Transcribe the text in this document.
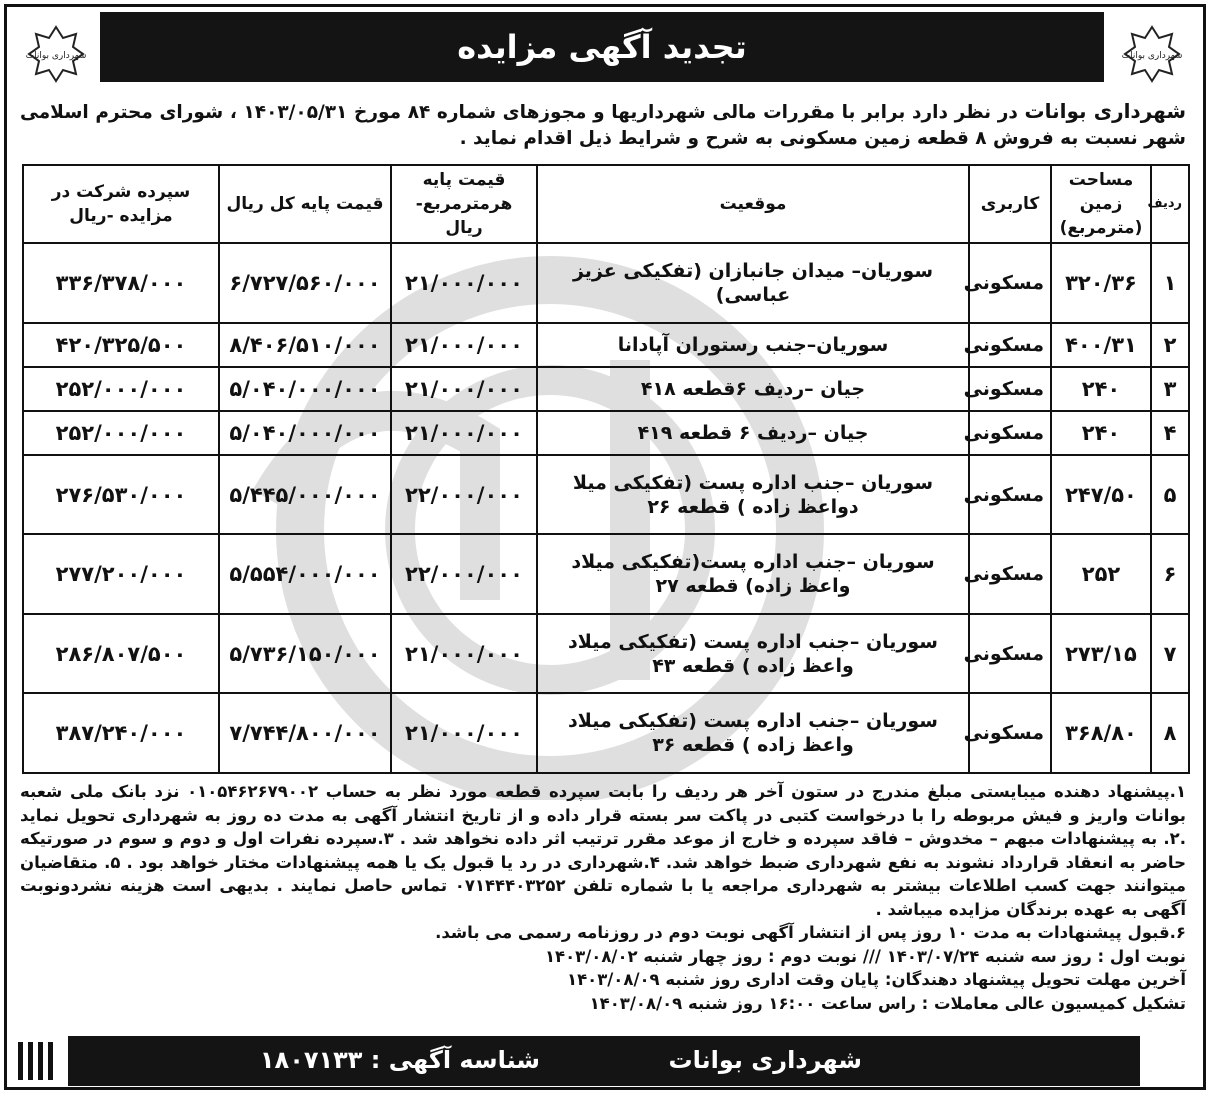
شهرداری بوانات
تجدید آگهی مزایده
شهرداری بوانات
شهرداری بوانات در نظر دارد برابر با مقررات مالی شهرداریها و مجوزهای شماره ۸۴ مورخ ۱۴۰۳/۰۵/۳۱ ، شورای محترم اسلامی شهر نسبت به فروش ۸ قطعه زمین مسکونی به شرح و شرایط ذیل اقدام نماید .
ردیف	مساحت زمین (مترمربع)	کاربری	موقعیت	قیمت پایه هرمترمربع-ریال	قیمت پایه کل ریال	سپرده شرکت در مزایده -ریال
۱	۳۲۰/۳۶	مسکونی	سوریان– میدان جانبازان (تفکیکی عزیز عباسی)	۲۱/۰۰۰/۰۰۰	۶/۷۲۷/۵۶۰/۰۰۰	۳۳۶/۳۷۸/۰۰۰
۲	۴۰۰/۳۱	مسکونی	سوریان–جنب رستوران آپادانا	۲۱/۰۰۰/۰۰۰	۸/۴۰۶/۵۱۰/۰۰۰	۴۲۰/۳۲۵/۵۰۰
۳	۲۴۰	مسکونی	جیان –ردیف ۶قطعه ۴۱۸	۲۱/۰۰۰/۰۰۰	۵/۰۴۰/۰۰۰/۰۰۰	۲۵۲/۰۰۰/۰۰۰
۴	۲۴۰	مسکونی	جیان –ردیف ۶ قطعه ۴۱۹	۲۱/۰۰۰/۰۰۰	۵/۰۴۰/۰۰۰/۰۰۰	۲۵۲/۰۰۰/۰۰۰
۵	۲۴۷/۵۰	مسکونی	سوریان –جنب اداره پست (تفکیکی میلا دواعظ زاده ) قطعه ۲۶	۲۲/۰۰۰/۰۰۰	۵/۴۴۵/۰۰۰/۰۰۰	۲۷۶/۵۳۰/۰۰۰
۶	۲۵۲	مسکونی	سوریان –جنب اداره پست(تفکیکی میلاد واعظ زاده) قطعه ۲۷	۲۲/۰۰۰/۰۰۰	۵/۵۵۴/۰۰۰/۰۰۰	۲۷۷/۲۰۰/۰۰۰
۷	۲۷۳/۱۵	مسکونی	سوریان –جنب اداره پست (تفکیکی میلاد واعظ زاده ) قطعه ۴۳	۲۱/۰۰۰/۰۰۰	۵/۷۳۶/۱۵۰/۰۰۰	۲۸۶/۸۰۷/۵۰۰
۸	۳۶۸/۸۰	مسکونی	سوریان –جنب اداره پست (تفکیکی میلاد واعظ زاده ) قطعه ۳۶	۲۱/۰۰۰/۰۰۰	۷/۷۴۴/۸۰۰/۰۰۰	۳۸۷/۲۴۰/۰۰۰

۱.پیشنهاد دهنده میبایستی مبلغ مندرج در ستون آخر هر ردیف را بابت سپرده قطعه مورد نظر به حساب ۰۱۰۵۴۶۲۶۷۹۰۰۲ نزد بانک ملی شعبه بوانات واریز و فیش مربوطه را با درخواست کتبی در پاکت سر بسته قرار داده و از تاریخ انتشار آگهی به مدت ده روز به شهرداری تحویل نماید .۲. به پیشنهادات مبهم – مخدوش – فاقد سپرده و خارج از موعد مقرر ترتیب اثر داده نخواهد شد . ۳.سپرده نفرات اول و دوم و سوم در صورتیکه حاضر به انعقاد قرارداد نشوند به نفع شهرداری ضبط خواهد شد. ۴.شهرداری در رد یا قبول یک یا همه پیشنهادات مختار خواهد بود . ۵. متقاضیان میتوانند جهت کسب اطلاعات بیشتر به شهرداری مراجعه یا با شماره تلفن ۰۷۱۴۴۴۰۳۲۵۲ تماس حاصل نمایند . بدیهی است هزینه نشردونوبت آگهی به عهده برندگان مزایده میباشد .

۶.قبول پیشنهادات به مدت ۱۰ روز پس از انتشار آگهی نوبت دوم در روزنامه رسمی می باشد.

نوبت اول : روز سه شنبه ۱۴۰۳/۰۷/۲۴ /// نوبت دوم : روز چهار شنبه ۱۴۰۳/۰۸/۰۲

آخرین مهلت تحویل پیشنهاد دهندگان: پایان وقت اداری روز شنبه ۱۴۰۳/۰۸/۰۹

تشکیل کمیسیون عالی معاملات : راس ساعت ۱۶:۰۰ روز شنبه ۱۴۰۳/۰۸/۰۹

شناسه آگهی : ۱۸۰۷۱۳۳	شهرداری بوانات
